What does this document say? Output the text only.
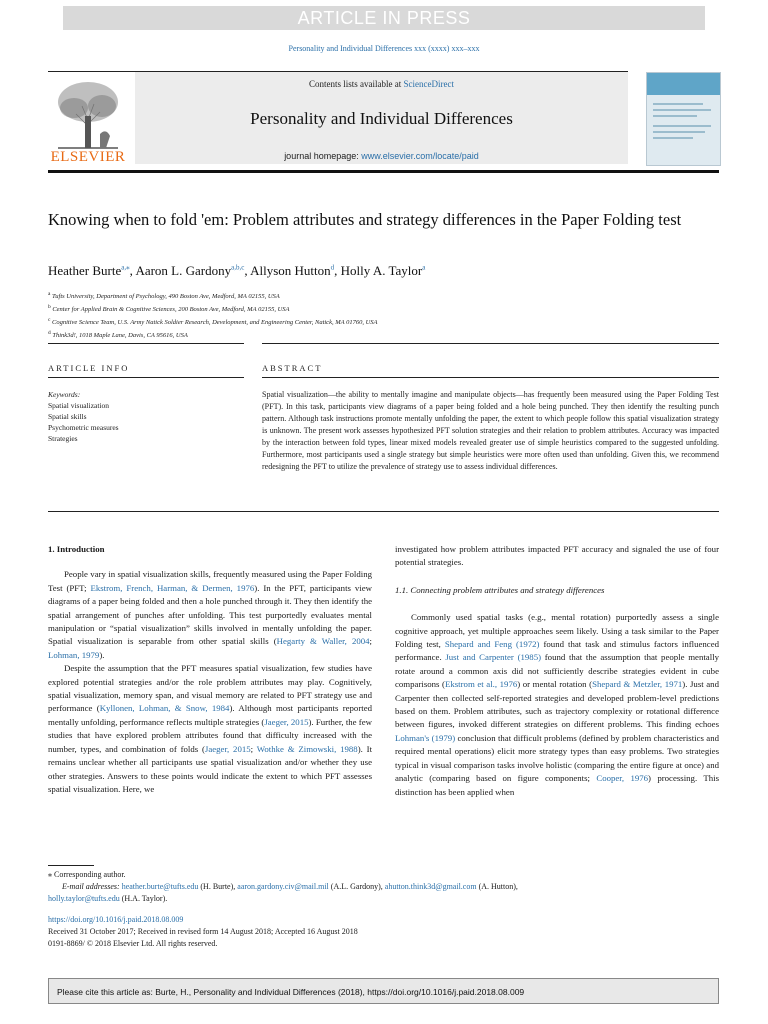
ARTICLE IN PRESS
Personality and Individual Differences xxx (xxxx) xxx–xxx
ELSEVIER
Contents lists available at ScienceDirect
Personality and Individual Differences
journal homepage: www.elsevier.com/locate/paid
Knowing when to fold 'em: Problem attributes and strategy differences in the Paper Folding test
Heather Burte$^{a,⁎}$, Aaron L. Gardony$^{a,b,c}$, Allyson Hutton$^d$, Holly A. Taylor$^a$
$^a$ Tufts University, Department of Psychology, 490 Boston Ave, Medford, MA 02155, USA
$^b$ Center for Applied Brain & Cognitive Sciences, 200 Boston Ave, Medford, MA 02155, USA
$^c$ Cognitive Science Team, U.S. Army Natick Soldier Research, Development, and Engineering Center, Natick, MA 01760, USA
$^d$ Think3d!, 1018 Maple Lane, Davis, CA 95616, USA
ARTICLE INFO	ABSTRACT
Keywords:
Spatial visualization
Spatial skills
Psychometric measures
Strategies
Spatial visualization—the ability to mentally imagine and manipulate objects—has frequently been measured using the Paper Folding Test (PFT). In this task, participants view diagrams of a paper being folded and a hole being punched. They then identify the resulting punch pattern. Although task instructions promote mentally unfolding the paper, the extent to which people follow this spatial visualization strategy is unknown. The present work assesses hypothesized PFT solution strategies and their relation to problem attributes. Accuracy was impacted by the interaction between fold types, linear mixed models revealed greater use of simple heuristics compared to the suggested unfolding. Furthermore, most participants used a single strategy but simple heuristics were more often used than unfolding. Given this, we recommend redesigning the PFT to utilize the prevalence of strategy use to assess individual differences.

1. Introduction

People vary in spatial visualization skills, frequently measured using the Paper Folding Test (PFT; Ekstrom, French, Harman, & Dermen, 1976). In the PFT, participants view diagrams of a paper being folded and then a hole punched through it. They then identify the spatial arrangement of punches after unfolding. This test purportedly evaluates mental manipulation or “spatial visualization” skills involved in mentally unfolding the paper. Spatial visualization is separable from other spatial skills (Hegarty & Waller, 2004; Lohman, 1979).

Despite the assumption that the PFT measures spatial visualization, few studies have explored potential strategies and/or the role problem attributes may play. Cognitively, spatial visualization, memory span, and visual memory are related to PFT strategy use and performance (Kyllonen, Lohman, & Snow, 1984). Although most participants reported mentally unfolding, performance reflects multiple strategies (Jaeger, 2015). Further, the few studies that have explored problem attributes found that difficulty increased with the number, types, and combination of folds (Jaeger, 2015; Wothke & Zimowski, 1988). It remains unclear whether all participants use spatial visualization and/or whether they use other strategies. Answers to these points would indicate the extent to which PFT assesses spatial visualization. Here, we

investigated how problem attributes impacted PFT accuracy and signaled the use of four potential strategies.

1.1. Connecting problem attributes and strategy differences

Commonly used spatial tasks (e.g., mental rotation) purportedly assess a single cognitive approach, yet multiple approaches seem likely. Using a task similar to the Paper Folding test, Shepard and Feng (1972) found that task and stimulus factors influenced performance. Just and Carpenter (1985) found that the assumption that people mentally rotate around a common axis did not sufficiently describe strategies evident in cube comparisons (Ekstrom et al., 1976) or mental rotation (Shepard & Metzler, 1971). Just and Carpenter then collected self-reported strategies and developed problem-level predictions based on them. Problem attributes, such as trajectory complexity or rotational difference between figures, invoked different strategies on different problems. This finding echoes Lohman's (1979) conclusion that difficult problems (defined by problem characteristics and required mental operations) elicit more strategy types than easy problems. Two strategies typical in visual comparison tasks involve holistic (comparing the entire figure at once) and analytic (comparing based on figure components; Cooper, 1976) processing. This distinction has been applied when

⁎ Corresponding author.
E-mail addresses: heather.burte@tufts.edu (H. Burte), aaron.gardony.civ@mail.mil (A.L. Gardony), ahutton.think3d@gmail.com (A. Hutton),
holly.taylor@tufts.edu (H.A. Taylor).
https://doi.org/10.1016/j.paid.2018.08.009
Received 31 October 2017; Received in revised form 14 August 2018; Accepted 16 August 2018
0191-8869/ © 2018 Elsevier Ltd. All rights reserved.
Please cite this article as: Burte, H., Personality and Individual Differences (2018), https://doi.org/10.1016/j.paid.2018.08.009
